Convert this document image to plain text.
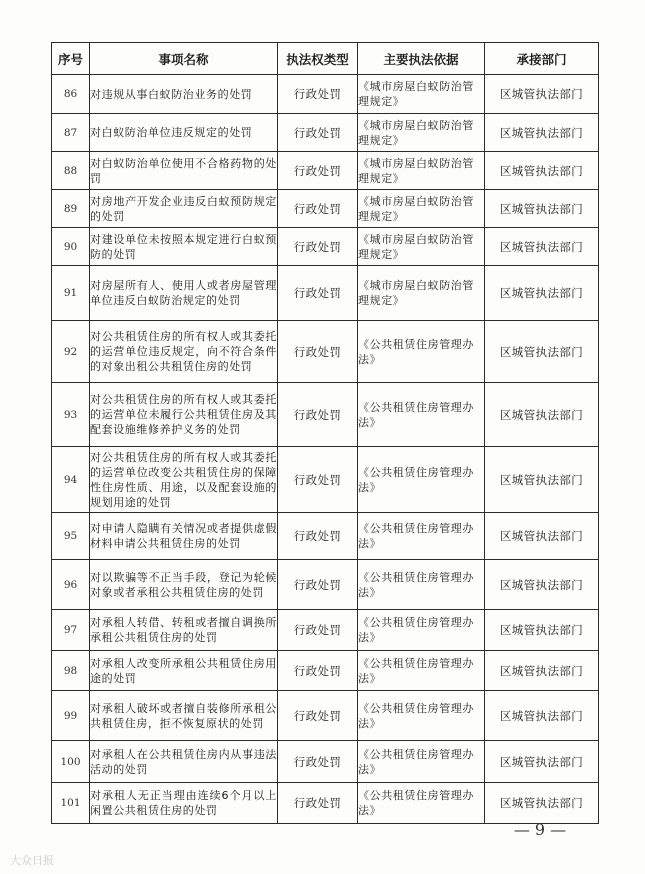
序号	事项名称	执法权类型	主要执法依据	承接部门
86	对违规从事白蚁防治业务的处罚	行政处罚	《城市房屋白蚁防治管理规定》	区城管执法部门
87	对白蚁防治单位违反规定的处罚	行政处罚	《城市房屋白蚁防治管理规定》	区城管执法部门
88	对白蚁防治单位使用不合格药物的处罚	行政处罚	《城市房屋白蚁防治管理规定》	区城管执法部门
89	对房地产开发企业违反白蚁预防规定的处罚	行政处罚	《城市房屋白蚁防治管理规定》	区城管执法部门
90	对建设单位未按照本规定进行白蚁预防的处罚	行政处罚	《城市房屋白蚁防治管理规定》	区城管执法部门
91	对房屋所有人、使用人或者房屋管理单位违反白蚁防治规定的处罚	行政处罚	《城市房屋白蚁防治管理规定》	区城管执法部门
92	对公共租赁住房的所有权人或其委托的运营单位违反规定，向不符合条件的对象出租公共租赁住房的处罚	行政处罚	《公共租赁住房管理办法》	区城管执法部门
93	对公共租赁住房的所有权人或其委托的运营单位未履行公共租赁住房及其配套设施维修养护义务的处罚	行政处罚	《公共租赁住房管理办法》	区城管执法部门
94	对公共租赁住房的所有权人或其委托的运营单位改变公共租赁住房的保障性住房性质、用途，以及配套设施的规划用途的处罚	行政处罚	《公共租赁住房管理办法》	区城管执法部门
95	对申请人隐瞒有关情况或者提供虚假材料申请公共租赁住房的处罚	行政处罚	《公共租赁住房管理办法》	区城管执法部门
96	对以欺骗等不正当手段，登记为轮候对象或者承租公共租赁住房的处罚	行政处罚	《公共租赁住房管理办法》	区城管执法部门
97	对承租人转借、转租或者擅自调换所承租公共租赁住房的处罚	行政处罚	《公共租赁住房管理办法》	区城管执法部门
98	对承租人改变所承租公共租赁住房用途的处罚	行政处罚	《公共租赁住房管理办法》	区城管执法部门
99	对承租人破坏或者擅自装修所承租公共租赁住房，拒不恢复原状的处罚	行政处罚	《公共租赁住房管理办法》	区城管执法部门
100	对承租人在公共租赁住房内从事违法活动的处罚	行政处罚	《公共租赁住房管理办法》	区城管执法部门
101	对承租人无正当理由连续6个月以上闲置公共租赁住房的处罚	行政处罚	《公共租赁住房管理办法》	区城管执法部门
— 9 —
大众日报
